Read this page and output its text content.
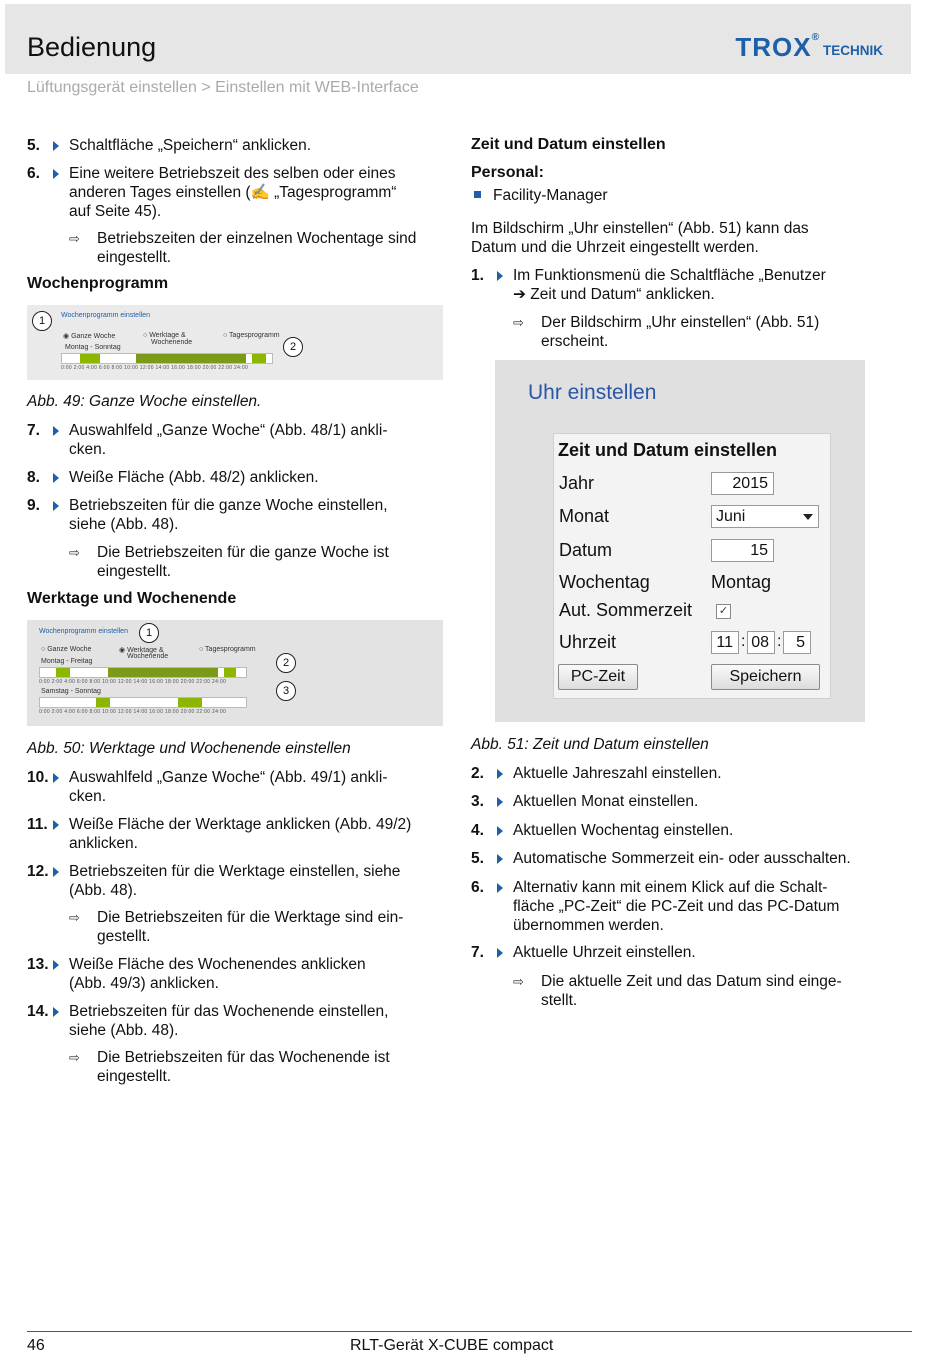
Bedienung	TROX ®
TECHNIK
Lüftungsgerät einstellen > Einstellen mit WEB-Interface
5. Schaltfläche „Speichern“ anklicken.
6. Eine weitere Betriebszeit des selben oder eines
anderen Tages einstellen (✍ „Tagesprogramm“
auf Seite 45).
⇨ Betriebszeiten der einzelnen Wochentage sind
eingestellt.
Wochenprogramm
1	Wochenprogramm einstellen
◉ Ganze Woche	○ Werktage &
Wochenende
○ Tagesprogramm
Montag - Sonntag	2
0:00 2:00 4:00 6:00 8:00 10:00 12:00 14:00 16:00 18:00 20:00 22:00 24:00
Abb. 49: Ganze Woche einstellen.
7. Auswahlfeld „Ganze Woche“ (Abb. 48/1) ankli-
cken.
8. Weiße Fläche (Abb. 48/2) anklicken.
9. Betriebszeiten für die ganze Woche einstellen,
siehe (Abb. 48).
⇨ Die Betriebszeiten für die ganze Woche ist
eingestellt.
Werktage und Wochenende
Wochenprogramm einstellen	1
○ Ganze Woche	◉ Werktage &
Wochenende
○ Tagesprogramm
Montag - Freitag	2
0:00 2:00 4:00 6:00 8:00 10:00 12:00 14:00 16:00 18:00 20:00 22:00 24:00
Samstag - Sonntag	3
0:00 2:00 4:00 6:00 8:00 10:00 12:00 14:00 16:00 18:00 20:00 22:00 24:00
Abb. 50: Werktage und Wochenende einstellen
10. Auswahlfeld „Ganze Woche“ (Abb. 49/1) ankli-
cken.
11. Weiße Fläche der Werktage anklicken (Abb. 49/2)
anklicken.
12. Betriebszeiten für die Werktage einstellen, siehe
(Abb. 48).
⇨ Die Betriebszeiten für die Werktage sind ein-
gestellt.
13. Weiße Fläche des Wochenendes anklicken
(Abb. 49/3) anklicken.
14. Betriebszeiten für das Wochenende einstellen,
siehe (Abb. 48).
⇨ Die Betriebszeiten für das Wochenende ist
eingestellt.
Zeit und Datum einstellen
Personal:
Facility-Manager
Im Bildschirm „Uhr einstellen“ (Abb. 51) kann das
Datum und die Uhrzeit eingestellt werden.
1. Im Funktionsmenü die Schaltfläche „Benutzer
➔ Zeit und Datum“ anklicken.
⇨ Der Bildschirm „Uhr einstellen“ (Abb. 51)
erscheint.
Uhr einstellen
Zeit und Datum einstellen
Jahr	2015
Monat	Juni
Datum	15
Wochentag	Montag
Aut. Sommerzeit ✓
Uhrzeit	11 : 08 : 5
PC-Zeit	Speichern
Abb. 51: Zeit und Datum einstellen
2. Aktuelle Jahreszahl einstellen.
3. Aktuellen Monat einstellen.
4. Aktuellen Wochentag einstellen.
5. Automatische Sommerzeit ein- oder ausschalten.
6. Alternativ kann mit einem Klick auf die Schalt-
fläche „PC-Zeit“ die PC-Zeit und das PC-Datum
übernommen werden.
7. Aktuelle Uhrzeit einstellen.
⇨ Die aktuelle Zeit und das Datum sind einge-
stellt.
46	RLT-Gerät X-CUBE compact
